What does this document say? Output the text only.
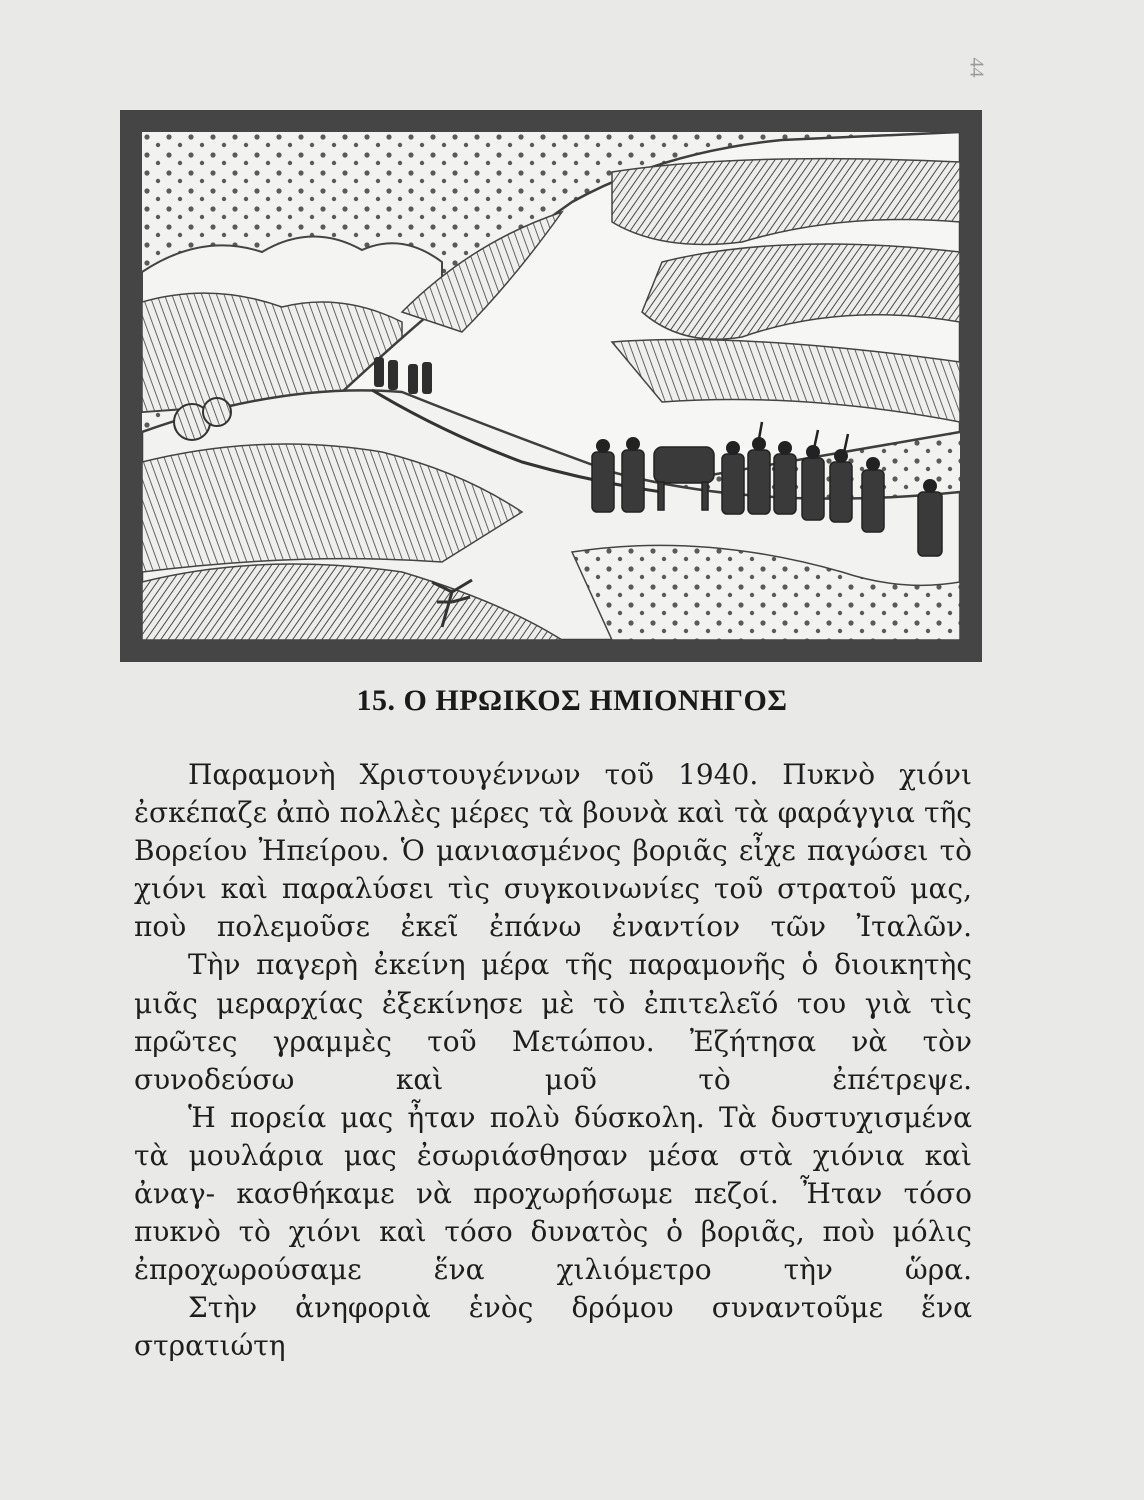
44
15. Ο ΗΡΩΙΚΟΣ ΗΜΙΟΝΗΓΟΣ

Παραμονὴ Χριστουγέννων τοῦ 1940. Πυκνὸ χιόνι ἐσκέπαζε ἀπὸ πολλὲς μέρες τὰ βουνὰ καὶ τὰ φαράγγια τῆς Βορείου Ἠπείρου. Ὁ μανιασμένος βοριᾶς εἶχε παγώσει τὸ χιόνι καὶ παραλύσει τὶς συγκοινωνίες τοῦ στρατοῦ μας, ποὺ πολεμοῦσε ἐκεῖ ἐπάνω ἐναντίον τῶν Ἰταλῶν.

Τὴν παγερὴ ἐκείνη μέρα τῆς παραμονῆς ὁ διοικητὴς μιᾶς μεραρχίας ἐξεκίνησε μὲ τὸ ἐπιτελεῖό του γιὰ τὶς πρῶτες γραμμὲς τοῦ Μετώπου. Ἐζήτησα νὰ τὸν συνοδεύσω καὶ μοῦ	τὸ ἐπέτρεψε.

Ἡ πορεία μας ἦταν πολὺ δύσκολη. Τὰ δυστυχισμένα τὰ μουλάρια μας ἐσωριάσθησαν μέσα στὰ χιόνια καὶ ἀναγ- κασθήκαμε νὰ προχωρήσωμε πεζοί. Ἦταν τόσο πυκνὸ τὸ χιόνι καὶ τόσο δυνατὸς ὁ βοριᾶς, ποὺ μόλις ἐπροχωρούσαμε	ἕνα χιλιόμετρο τὴν ὥρα.

Στὴν ἀνηφοριὰ ἑνὸς δρόμου συναντοῦμε ἕνα στρατιώτη
